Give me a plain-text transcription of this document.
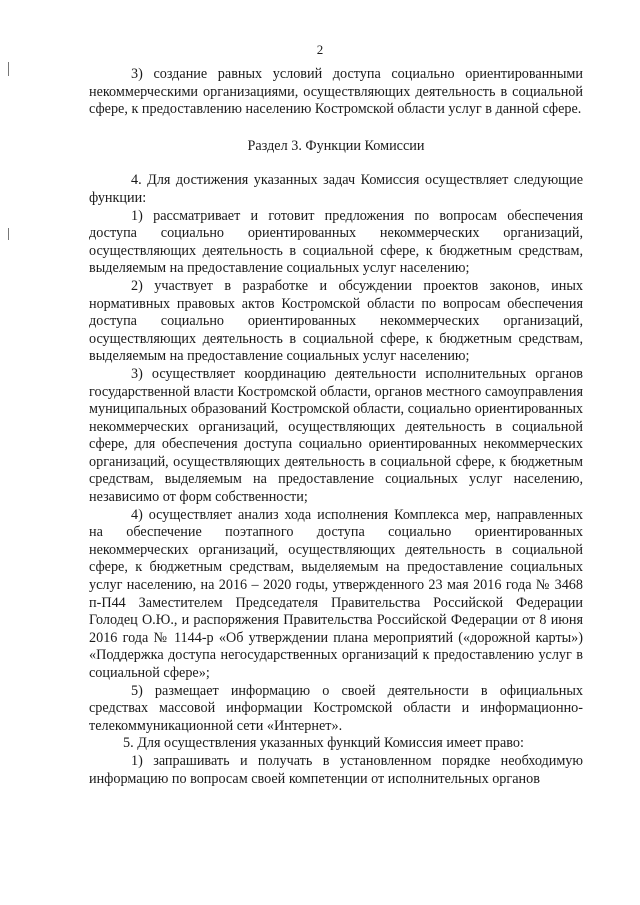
2

3) создание равных условий доступа социально ориентированными некоммерческими организациями, осуществляющих деятельность в социальной сфере, к предоставлению населению Костромской области услуг в данной сфере.

Раздел 3. Функции Комиссии

4. Для достижения указанных задач Комиссия осуществляет следующие функции:

1) рассматривает и готовит предложения по вопросам обеспечения доступа социально ориентированных некоммерческих организаций, осуществляющих деятельность в социальной сфере, к бюджетным средствам, выделяемым на предоставление социальных услуг населению;

2) участвует в разработке и обсуждении проектов законов, иных нормативных правовых актов Костромской области по вопросам обеспечения доступа социально ориентированных некоммерческих организаций, осуществляющих деятельность в социальной сфере, к бюджетным средствам, выделяемым на предоставление социальных услуг населению;

3) осуществляет координацию деятельности исполнительных органов государственной власти Костромской области, органов местного самоуправления муниципальных образований Костромской области, социально ориентированных некоммерческих организаций, осуществляющих деятельность в социальной сфере, для обеспечения доступа социально ориентированных некоммерческих организаций, осуществляющих деятельность в социальной сфере, к бюджетным средствам, выделяемым на предоставление социальных услуг населению, независимо от форм собственности;

4) осуществляет анализ хода исполнения Комплекса мер, направленных на обеспечение поэтапного доступа социально ориентированных некоммерческих организаций, осуществляющих деятельность в социальной сфере, к бюджетным средствам, выделяемым на предоставление социальных услуг населению, на 2016 – 2020 годы, утвержденного 23 мая 2016 года № 3468 п-П44 Заместителем Председателя Правительства Российской Федерации Голодец О.Ю., и распоряжения Правительства Российской Федерации от 8 июня 2016 года № 1144-р «Об утверждении плана мероприятий («дорожной карты») «Поддержка доступа негосударственных организаций к предоставлению услуг в социальной сфере»;

5) размещает информацию о своей деятельности в официальных средствах массовой информации Костромской области и информационно-телекоммуникационной сети «Интернет».

5. Для осуществления указанных функций Комиссия имеет право:

1) запрашивать и получать в установленном порядке необходимую информацию по вопросам своей компетенции от исполнительных органов
